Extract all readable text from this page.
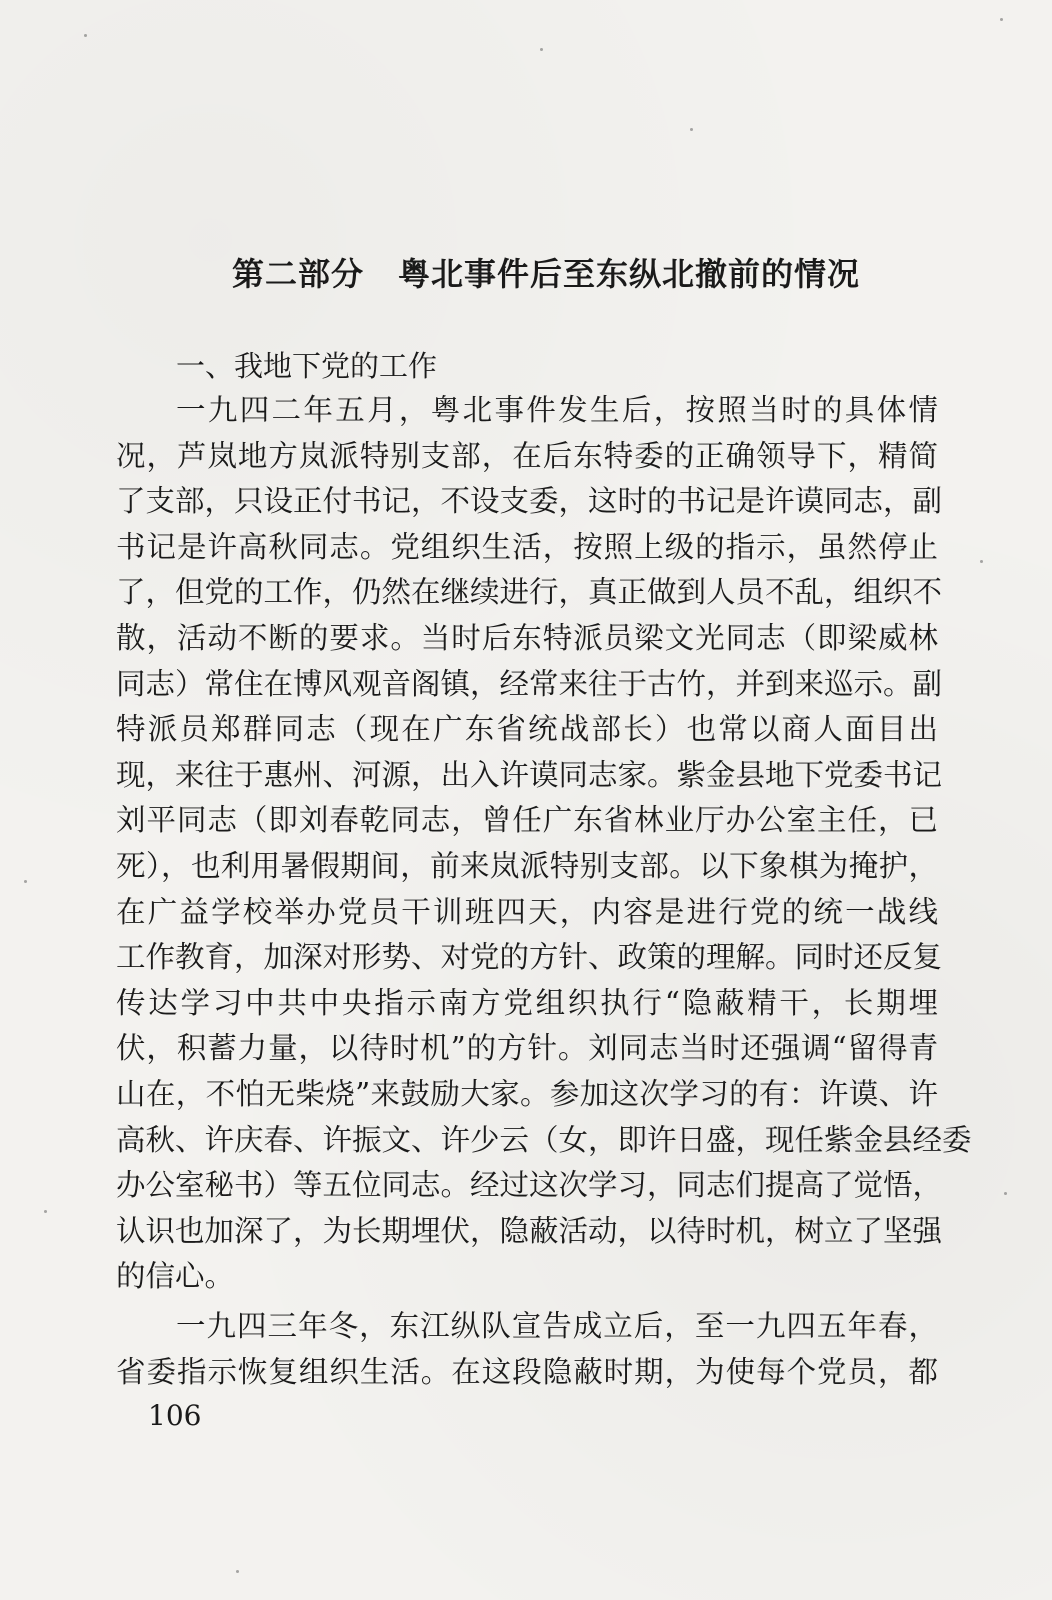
第二部分 粤北事件后至东纵北撤前的情况
一、我地下党的工作
一九四二年五月，粤北事件发生后，按照当时的具体情
况，芦岚地方岚派特别支部，在后东特委的正确领导下，精简
了支部，只设正付书记，不设支委，这时的书记是许谟同志，副
书记是许高秋同志。党组织生活，按照上级的指示，虽然停止
了，但党的工作，仍然在继续进行，真正做到人员不乱，组织不
散，活动不断的要求。当时后东特派员梁文光同志（即梁威林
同志）常住在博风观音阁镇，经常来往于古竹，并到来巡示。副
特派员郑群同志（现在广东省统战部长）也常以商人面目出
现，来往于惠州、河源，出入许谟同志家。紫金县地下党委书记
刘平同志（即刘春乾同志，曾任广东省林业厅办公室主任，已
死），也利用暑假期间，前来岚派特别支部。以下象棋为掩护，
在广益学校举办党员干训班四天，内容是进行党的统一战线
工作教育，加深对形势、对党的方针、政策的理解。同时还反复
传达学习中共中央指示南方党组织执行“隐蔽精干，长期埋
伏，积蓄力量，以待时机”的方针。刘同志当时还强调“留得青
山在，不怕无柴烧”来鼓励大家。参加这次学习的有：许谟、许
高秋、许庆春、许振文、许少云（女，即许日盛，现任紫金县经委
办公室秘书）等五位同志。经过这次学习，同志们提高了觉悟，
认识也加深了，为长期埋伏，隐蔽活动，以待时机，树立了坚强
的信心。
一九四三年冬，东江纵队宣告成立后，至一九四五年春，
省委指示恢复组织生活。在这段隐蔽时期，为使每个党员，都
106
